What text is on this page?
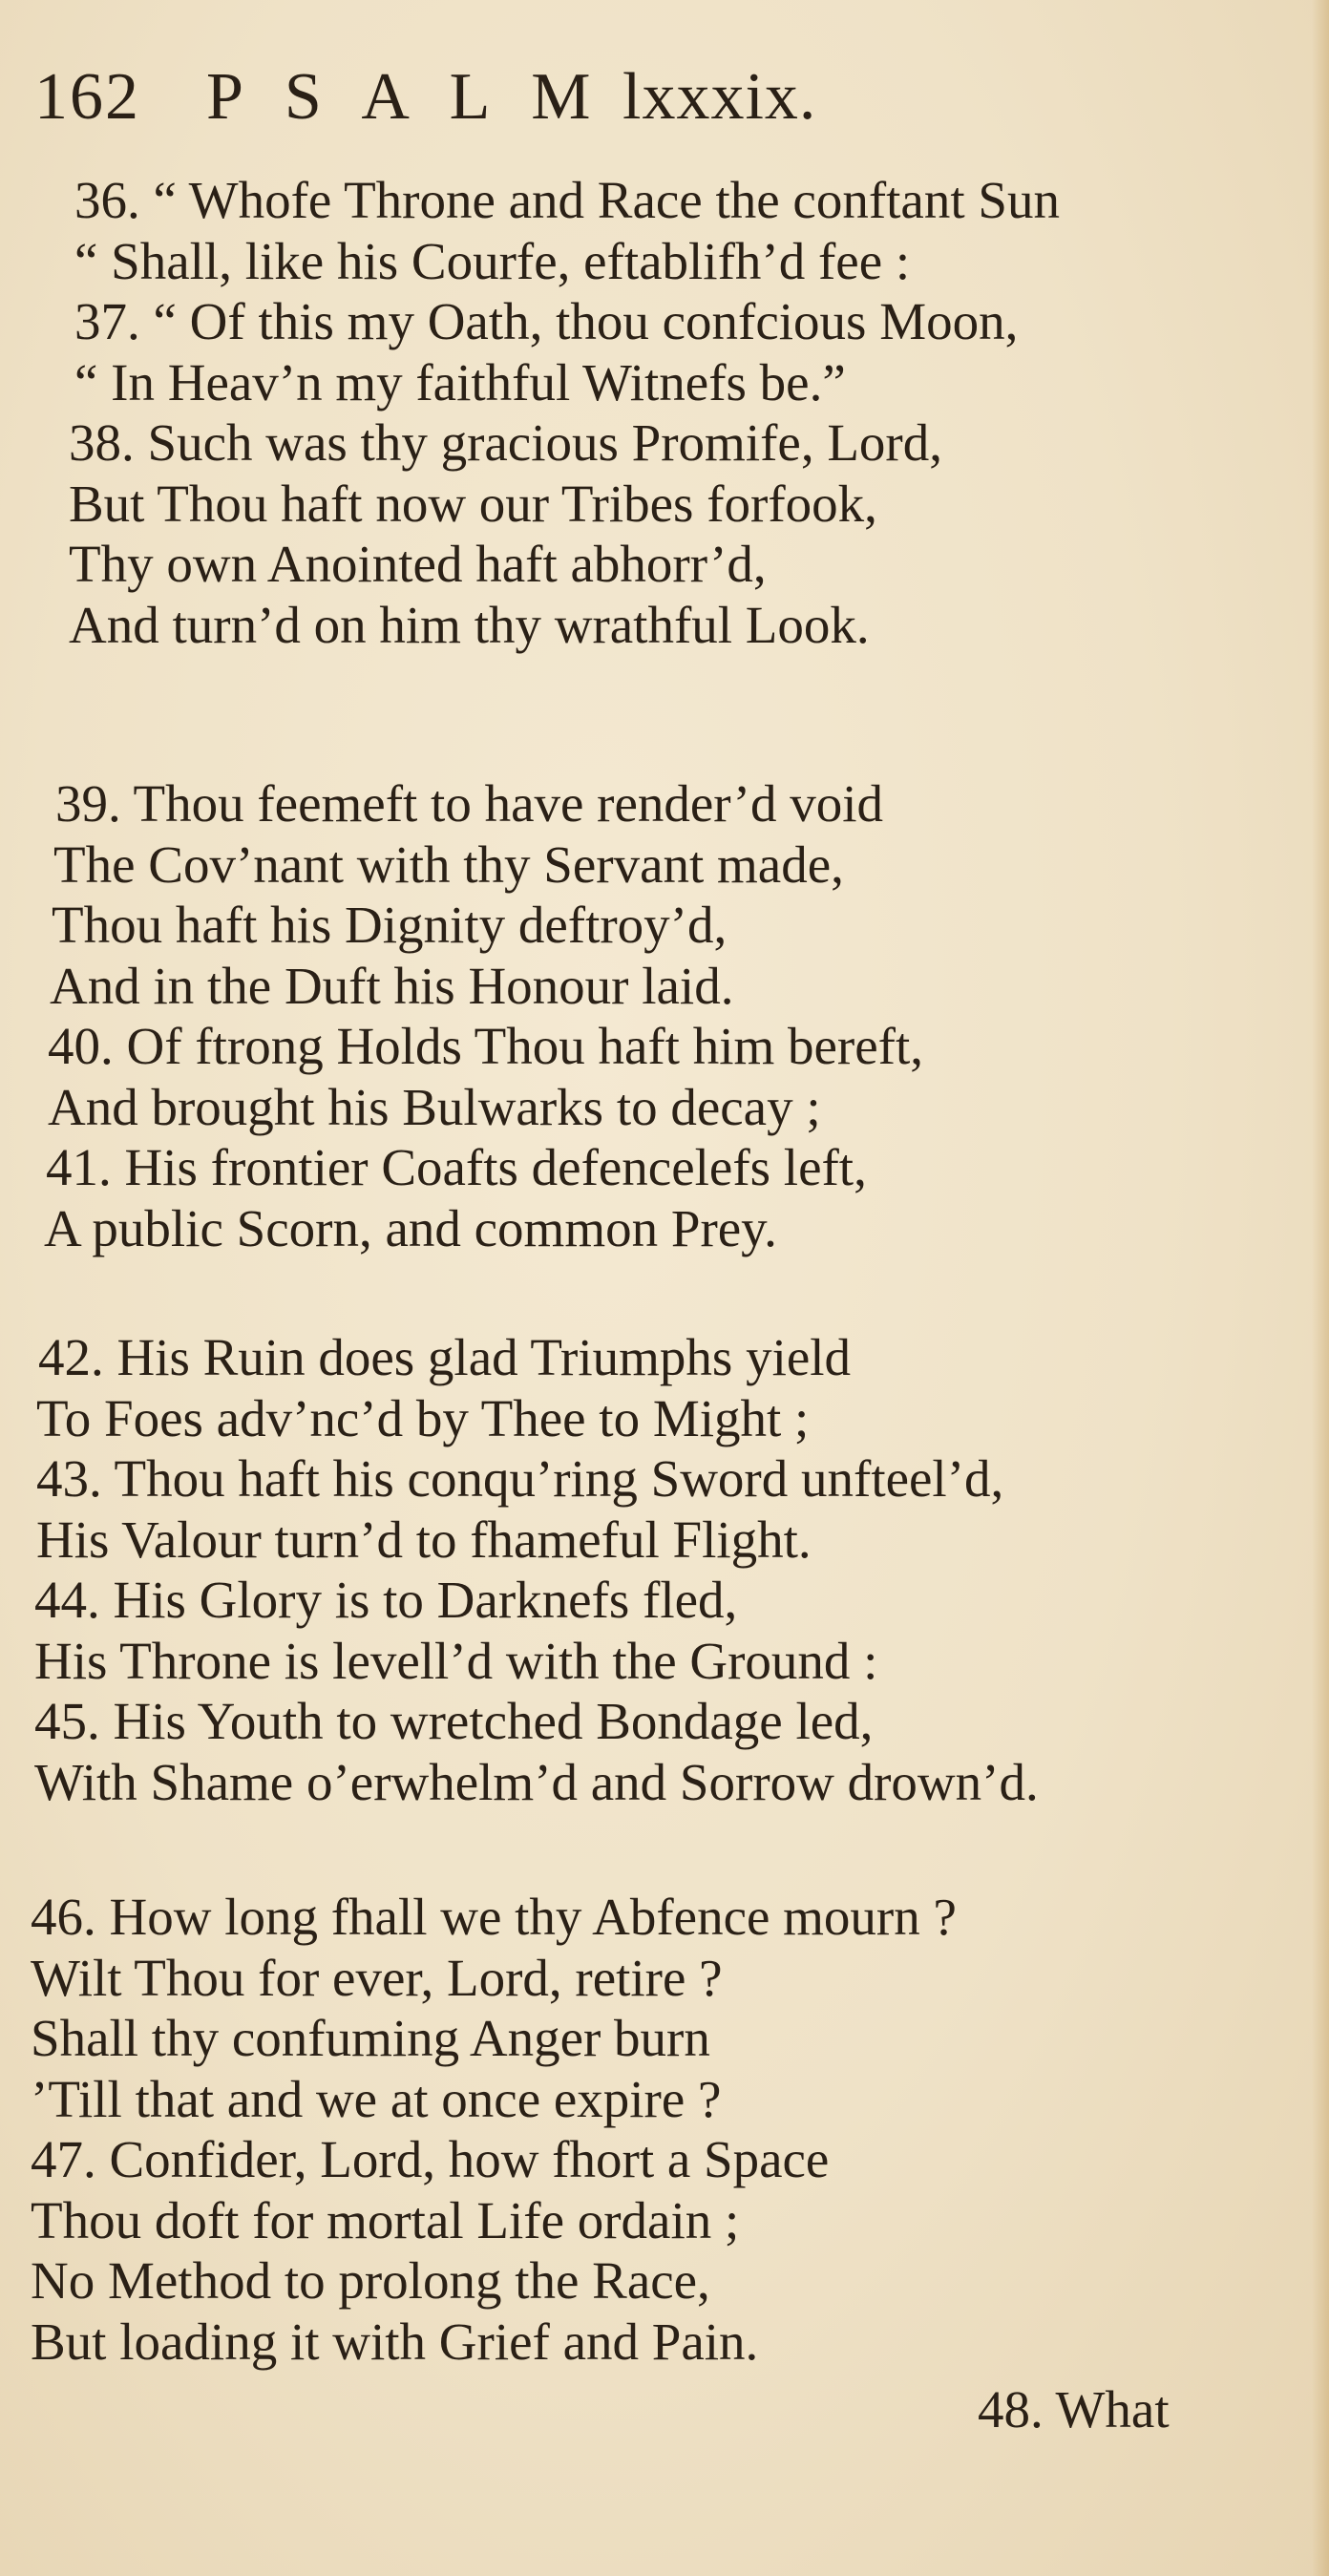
162 P S A L M lxxxix.
36. “ Whofe Throne and Race the conftant Sun
“ Shall, like his Courfe, eftablifh’d fee :
37. “ Of this my Oath, thou confcious Moon,
“ In Heav’n my faithful Witnefs be.”
38. Such was thy gracious Promife, Lord,
But Thou haft now our Tribes forfook,
Thy own Anointed haft abhorr’d,
And turn’d on him thy wrathful Look.
39. Thou feemeft to have render’d void
The Cov’nant with thy Servant made,
Thou haft his Dignity deftroy’d,
And in the Duft his Honour laid.
40. Of ftrong Holds Thou haft him bereft,
And brought his Bulwarks to decay ;
41. His frontier Coafts defencelefs left,
A public Scorn, and common Prey.
42. His Ruin does glad Triumphs yield
To Foes adv’nc’d by Thee to Might ;
43. Thou haft his conqu’ring Sword unfteel’d,
His Valour turn’d to fhameful Flight.
44. His Glory is to Darknefs fled,
His Throne is levell’d with the Ground :
45. His Youth to wretched Bondage led,
With Shame o’erwhelm’d and Sorrow drown’d.
46. How long fhall we thy Abfence mourn ?
Wilt Thou for ever, Lord, retire ?
Shall thy confuming Anger burn
’Till that and we at once expire ?
47. Confider, Lord, how fhort a Space
Thou doft for mortal Life ordain ;
No Method to prolong the Race,
But loading it with Grief and Pain.
48. What
